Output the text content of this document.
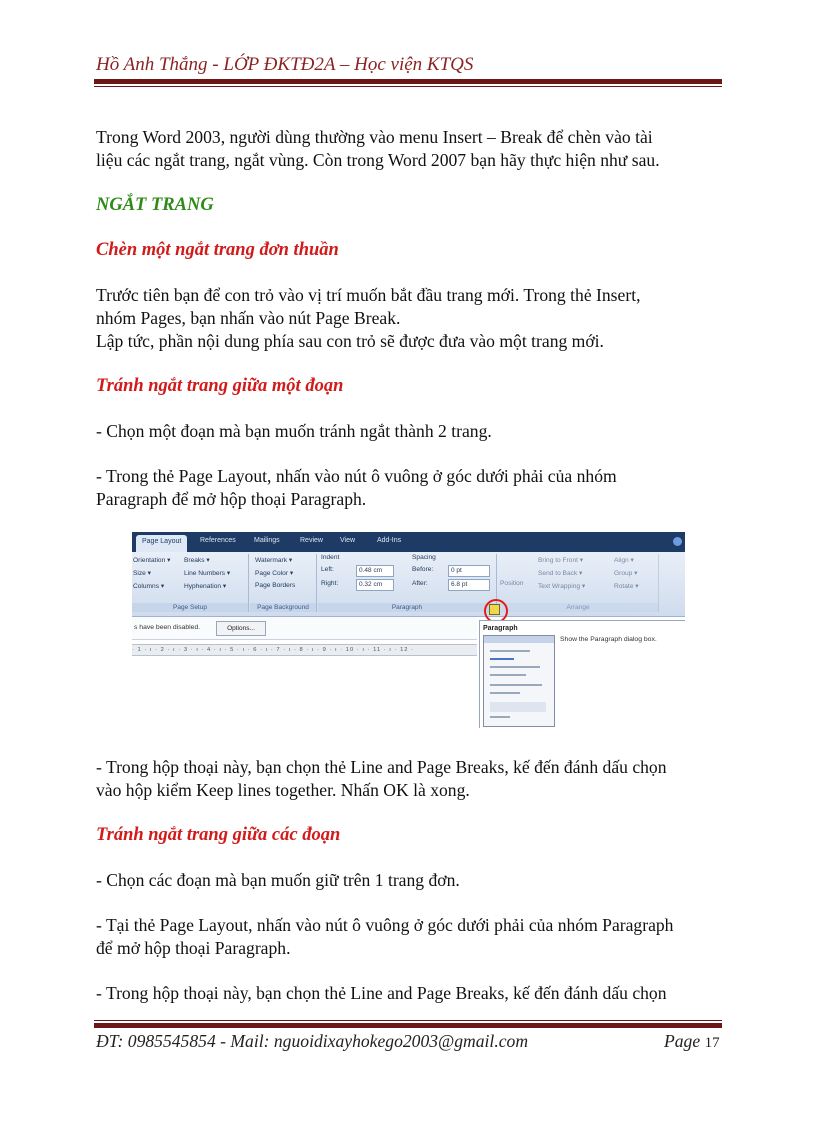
Hồ Anh Thắng - LỚP ĐKTĐ2A – Học viện KTQS

Trong Word 2003, người dùng thường vào menu Insert – Break để chèn vào tài

liệu các ngắt trang, ngắt vùng. Còn trong Word 2007 bạn hãy thực hiện như sau.

NGẮT TRANG

Chèn một ngắt trang đơn thuần

Trước tiên bạn để con trỏ vào vị trí muốn bắt đầu trang mới. Trong thẻ Insert,

nhóm Pages, bạn nhấn vào nút Page Break.

Lập tức, phần nội dung phía sau con trỏ sẽ được đưa vào một trang mới.

Tránh ngắt trang giữa một đoạn

- Chọn một đoạn mà bạn muốn tránh ngắt thành 2 trang.

- Trong thẻ Page Layout, nhấn vào nút ô vuông ở góc dưới phải của nhóm

Paragraph để mở hộp thoại Paragraph.

- Trong hộp thoại này, bạn chọn thẻ Line and Page Breaks, kế đến đánh dấu chọn

vào hộp kiểm Keep lines together. Nhấn OK là xong.

Tránh ngắt trang giữa các đoạn

- Chọn các đoạn mà bạn muốn giữ trên 1 trang đơn.

- Tại thẻ Page Layout, nhấn vào nút ô vuông ở góc dưới phải của nhóm Paragraph

để mở hộp thoại Paragraph.

- Trong hộp thoại này, bạn chọn thẻ Line and Page Breaks, kế đến đánh dấu chọn

Page Layout	References	Mailings	Review View	Add-Ins
Orientation ▾
Size ▾
Columns ▾
Breaks ▾
Line Numbers ▾
Hyphenation ▾
Page Setup
Watermark ▾
Page Color ▾
Page Borders
Page Background
Indent
Left:	0.48 cm
Right:	0.32 cm
Spacing
Before:	0 pt
After:	6.8 pt
Paragraph
Position
Bring to Front ▾
Send to Back ▾
Text Wrapping ▾
Align ▾
Group ▾
Rotate ▾
Arrange
s have been disabled.	Options...
· 1 · ı · 2 · ı · 3 · ı · 4 · ı · 5 · ı · 6 · ı · 7 · ı · 8 · ı · 9 · ı · 10 · ı · 11 · ı · 12 ·
Paragraph
Show the Paragraph dialog box.
ĐT: 0985545854 - Mail: nguoidixayhokego2003@gmail.com	Page 17
